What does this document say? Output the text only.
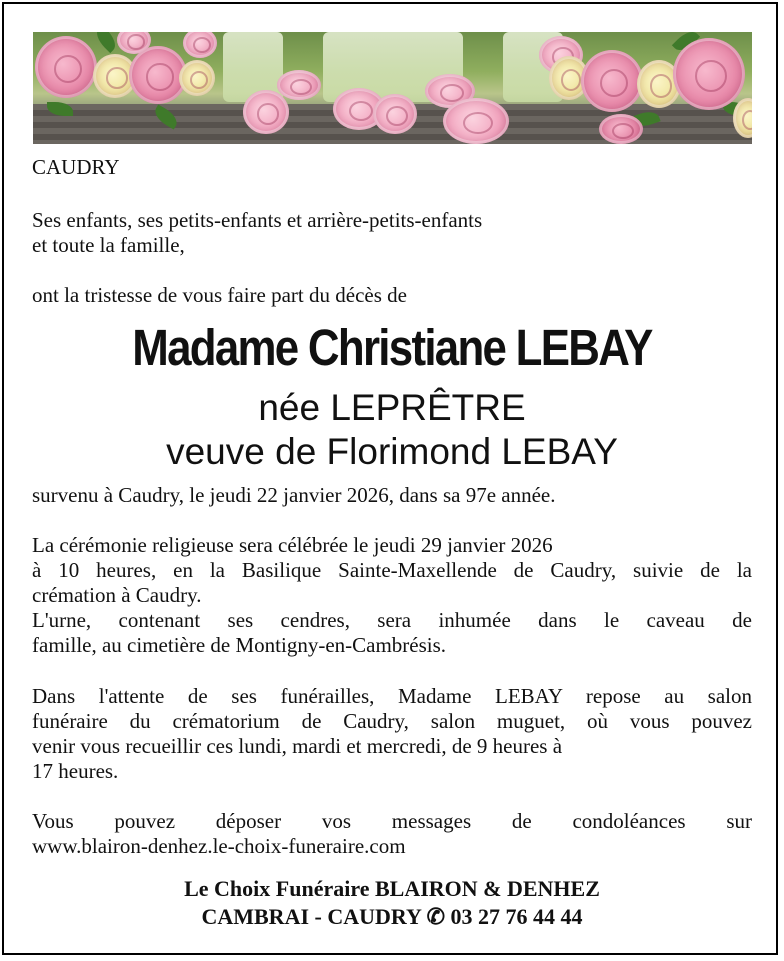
CAUDRY
Ses enfants, ses petits-enfants et arrière-petits-enfants
et toute la famille,
ont la tristesse de vous faire part du décès de
Madame Christiane LEBAY
née LEPRÊTRE
veuve de Florimond LEBAY
survenu à Caudry, le jeudi 22 janvier 2026, dans sa 97e année.
La cérémonie religieuse sera célébrée le jeudi 29 janvier 2026
à 10 heures, en la Basilique Sainte-Maxellende de Caudry, suivie de la
crémation à Caudry.
L'urne, contenant ses cendres, sera inhumée dans le caveau de
famille, au cimetière de Montigny-en-Cambrésis.
Dans l'attente de ses funérailles, Madame LEBAY repose au salon
funéraire du crématorium de Caudry, salon muguet, où vous pouvez
venir vous recueillir ces lundi, mardi et mercredi, de 9 heures à
17 heures.
Vous pouvez déposer vos messages de condoléances sur
www.blairon-denhez.le-choix-funeraire.com
Le Choix Funéraire BLAIRON & DENHEZ
CAMBRAI - CAUDRY ✆ 03 27 76 44 44
